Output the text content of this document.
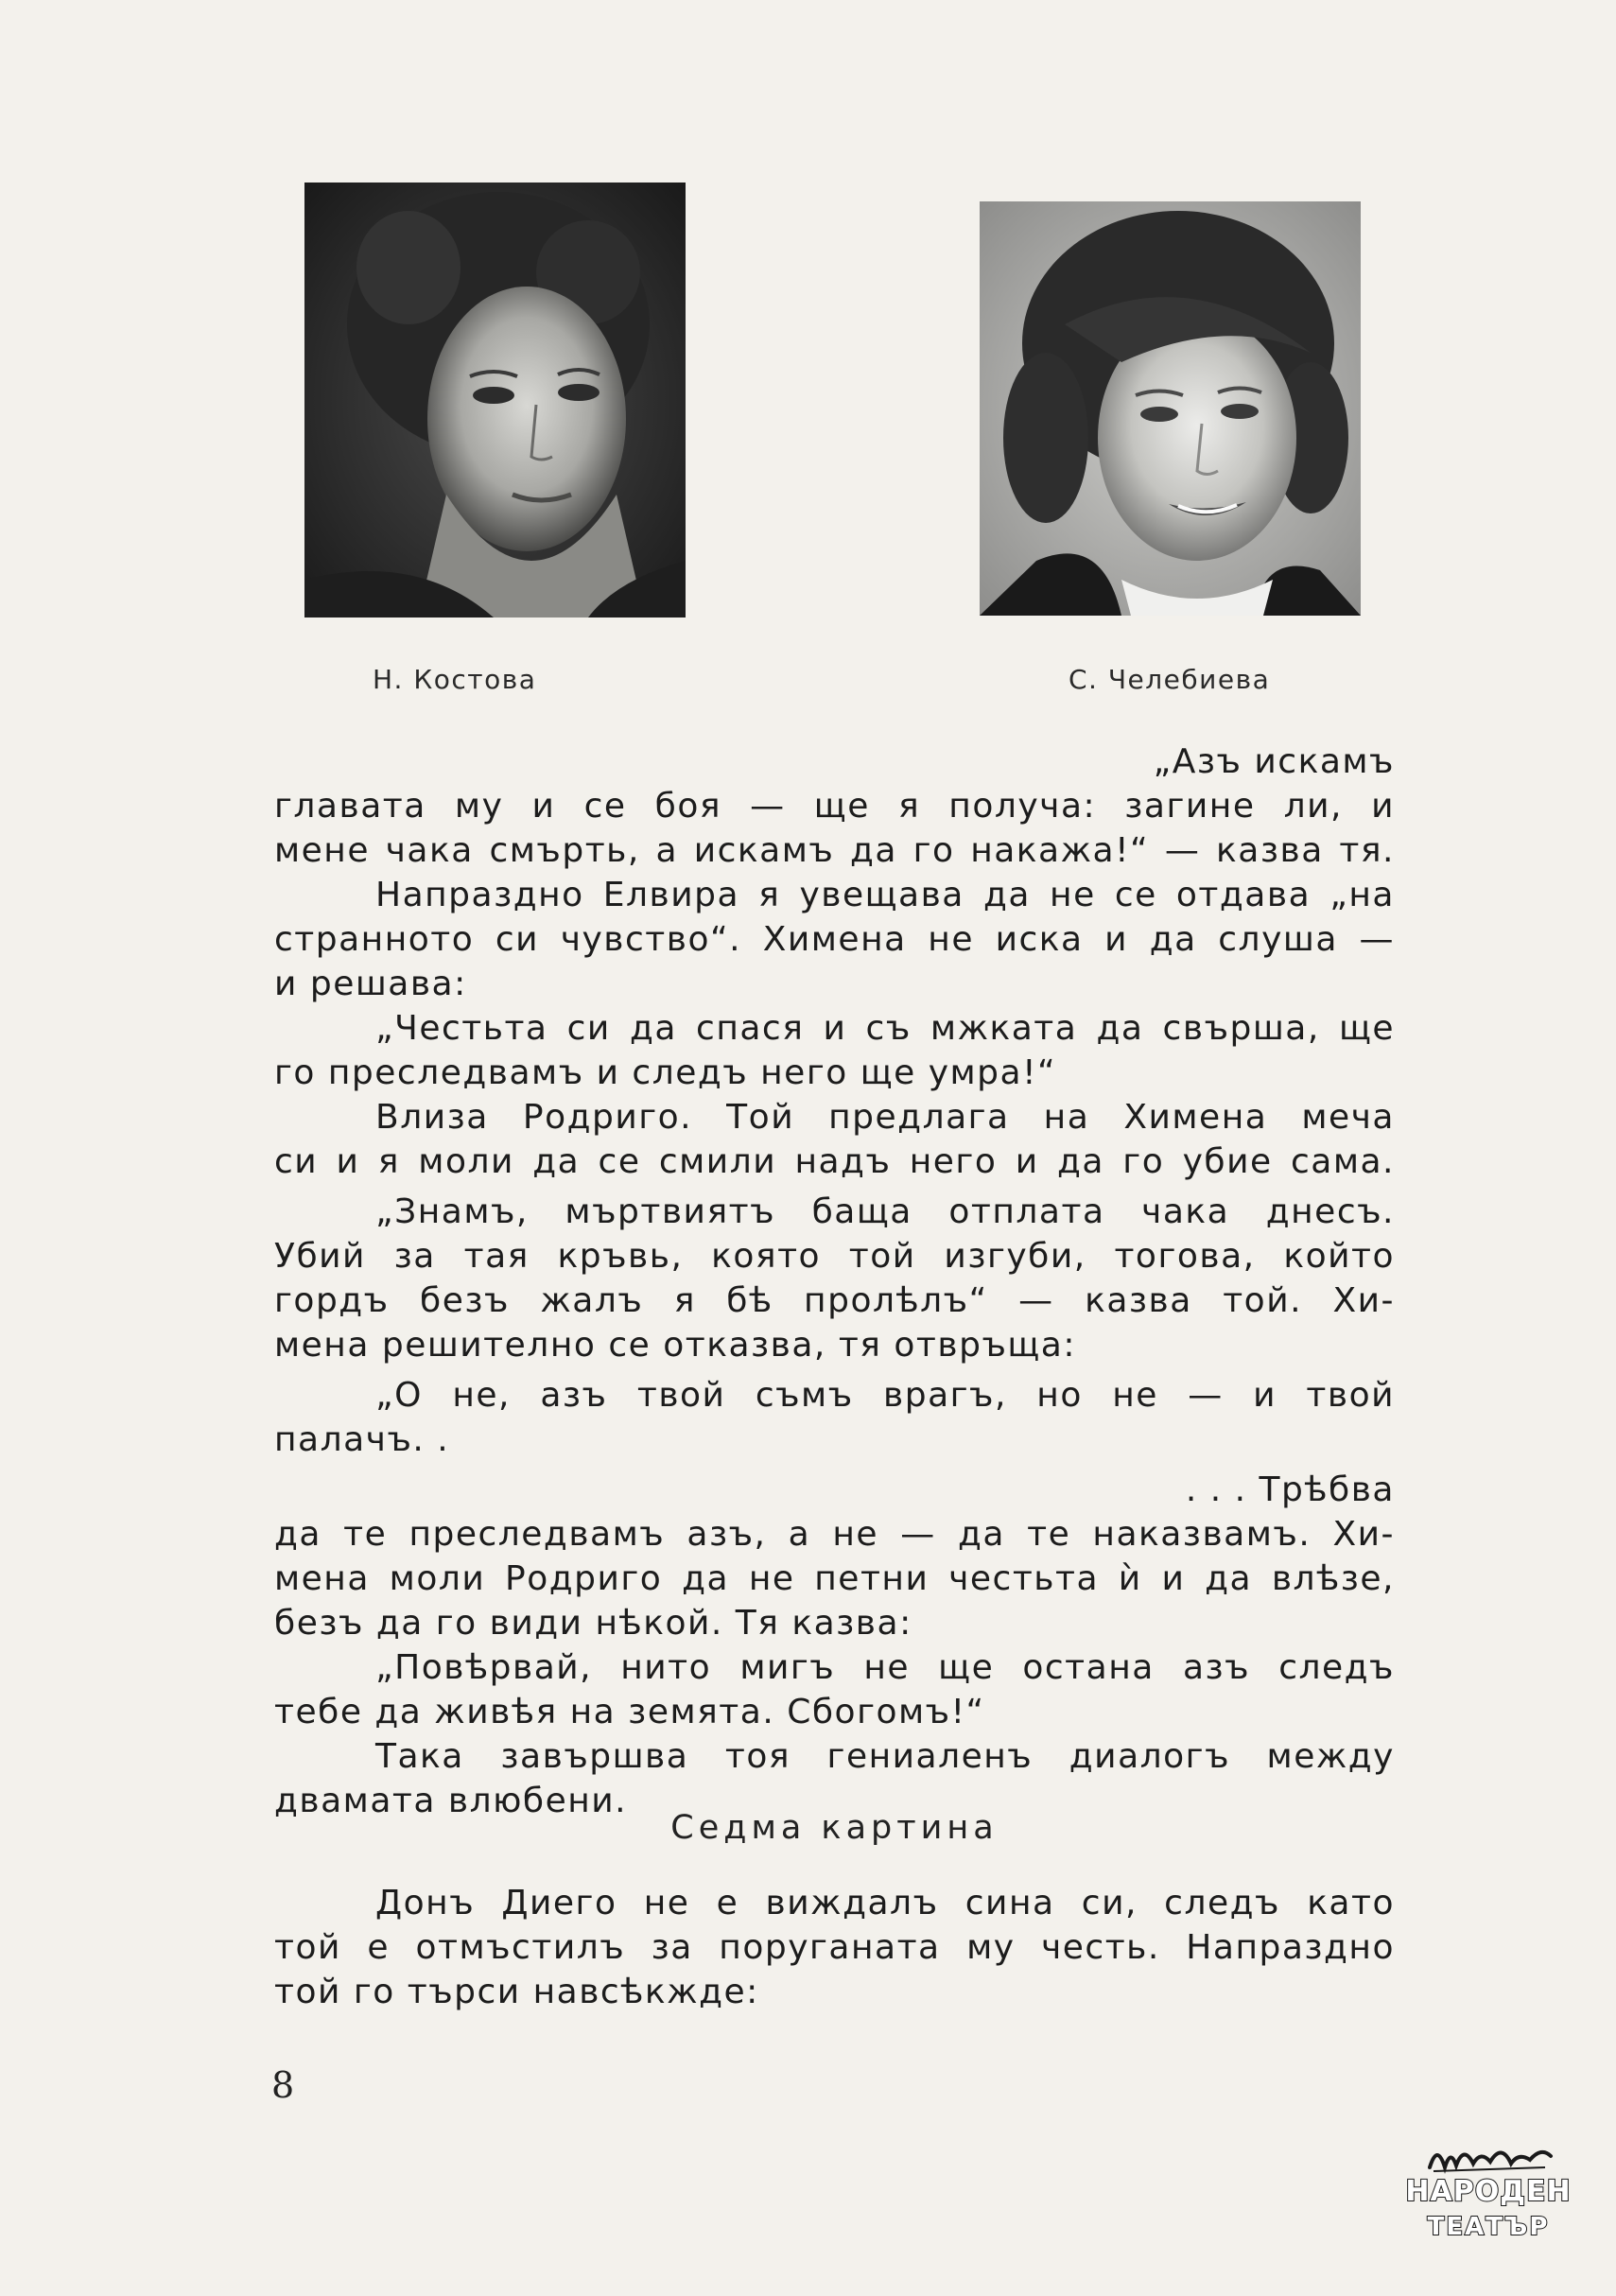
Н. Костова	С. Челебиева
„Азъ искамъ
главата му и се боя — ще я получа: загине ли, и
мене чака смърть, а искамъ да го накажа!“ — казва тя.
Напраздно Елвира я увещава да не се отдава „на
странното си чувство“. Химена не иска и да слуша —
и решава:
„Честьта си да спася и съ мжката да свърша, ще
го преследвамъ и следъ него ще умра!“
Влиза Родриго. Той предлага на Химена меча
си и я моли да се смили надъ него и да го убие сама.
„Знамъ, мъртвиятъ баща отплата чака днесъ.
Убий за тая кръвь, която той изгуби, тогова, който
гордъ безъ жалъ я бѣ пролѣлъ“ — казва той. Хи-
мена решително се отказва, тя отвръща:
„О не, азъ твой съмъ врагъ, но не — и твой
палачъ. .
. . . Трѣбва
да те преследвамъ азъ, а не — да те наказвамъ. Хи-
мена моли Родриго да не петни честьта ѝ и да влѣзе,
безъ да го види нѣкой. Тя казва:
„Повѣрвай, нито мигъ не ще остана азъ следъ
тебе да живѣя на земята. Сбогомъ!“
Така завършва тоя гениаленъ диалогъ между
двамата влюбени.
Седма картина
Донъ Диего не е виждалъ сина си, следъ като
той е отмъстилъ за поруганата му честь. Напраздно
той го търси навсѣкжде:
8
НАРОДЕН
ТЕАТЪР
